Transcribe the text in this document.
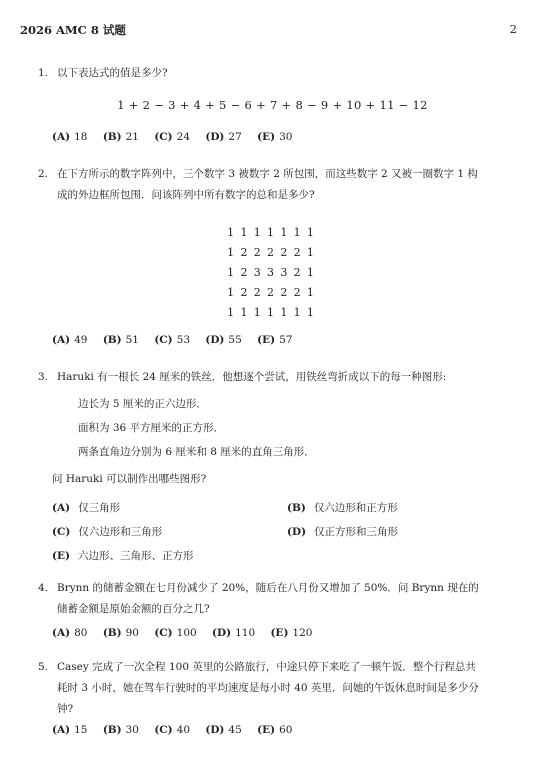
2026 AMC 8 试题	2
1. 以下表达式的值是多少?
1 + 2 − 3 + 4 + 5 − 6 + 7 + 8 − 9 + 10 + 11 − 12
(A) 18 (B) 21 (C) 24 (D) 27 (E) 30
2. 在下方所示的数字阵列中，三个数字 3 被数字 2 所包围，而这些数字 2 又被一圈数字 1 构
成的外边框所包围．问该阵列中所有数字的总和是多少?
1	1	1	1	1	1	1
1	2	2	2	2	2	1
1	2	3	3	3	2	1
1	2	2	2	2	2	1
1	1	1	1	1	1	1
(A) 49 (B) 51 (C) 53 (D) 55 (E) 57
3. Haruki 有一根长 24 厘米的铁丝．他想逐个尝试，用铁丝弯折成以下的每一种图形:
边长为 5 厘米的正六边形．
面积为 36 平方厘米的正方形．
两条直角边分别为 6 厘米和 8 厘米的直角三角形．
问 Haruki 可以制作出哪些图形?
(A) 仅三角形	(B) 仅六边形和正方形
(C) 仅六边形和三角形	(D) 仅正方形和三角形
(E) 六边形、三角形、正方形
4. Brynn 的储蓄金额在七月份减少了 20%，随后在八月份又增加了 50%．问 Brynn 现在的
储蓄金额是原始金额的百分之几?
(A) 80 (B) 90 (C) 100 (D) 110 (E) 120
5. Casey 完成了一次全程 100 英里的公路旅行，中途只停下来吃了一顿午饭．整个行程总共
耗时 3 小时，她在驾车行驶时的平均速度是每小时 40 英里．问她的午饭休息时间是多少分
钟?
(A) 15 (B) 30 (C) 40 (D) 45 (E) 60
